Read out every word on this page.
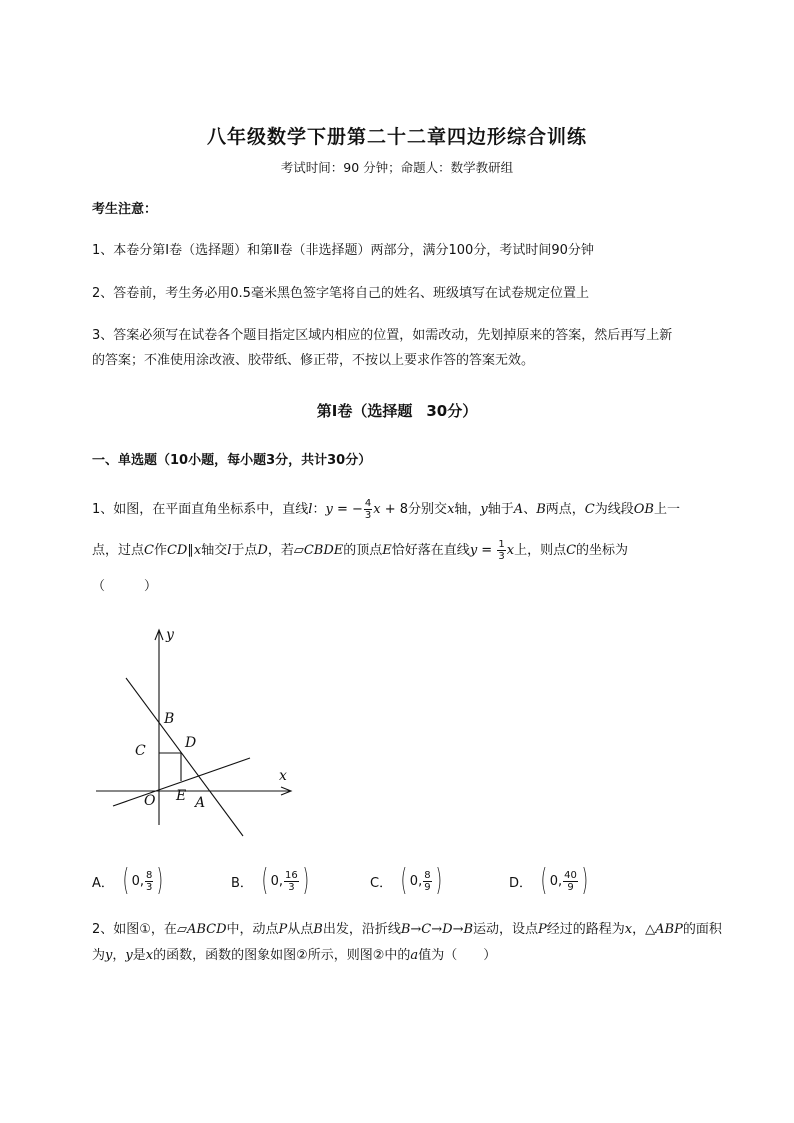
八年级数学下册第二十二章四边形综合训练
考试时间：90 分钟；命题人：数学教研组
考生注意：
1、本卷分第Ⅰ卷（选择题）和第Ⅱ卷（非选择题）两部分，满分100分，考试时间90分钟
2、答卷前，考生务必用0.5毫米黑色签字笔将自己的姓名、班级填写在试卷规定位置上
3、答案必须写在试卷各个题目指定区域内相应的位置，如需改动，先划掉原来的答案，然后再写上新
的答案；不准使用涂改液、胶带纸、修正带，不按以上要求作答的答案无效。
第Ⅰ卷（选择题 30分）
一、单选题（10小题，每小题3分，共计30分）
1、如图，在平面直角坐标系中，直线l：y = − $\frac{4}{3}$ x + 8分别交x轴，y轴于A、B两点，C为线段OB上一
点，过点C作CD∥x轴交l于点D，若▱CBDE的顶点E恰好落在直线$y = \frac{1}{3}$ x上，则点C的坐标为
（　　　）
y
x
B
C	D
O E A
A． ( 0, $\frac{8}{3}$ )	B． ( 0, $\frac{16}{3}$ )	C． ( 0, $\frac{8}{9}$ )	D． ( 0, $\frac{40}{9}$ )
2、如图①，在▱ABCD中，动点P从点B出发，沿折线B→C→D→B运动，设点P经过的路程为x，△ABP的面积为y，y是x的函数，函数的图象如图②所示，则图②中的a值为（　　）
